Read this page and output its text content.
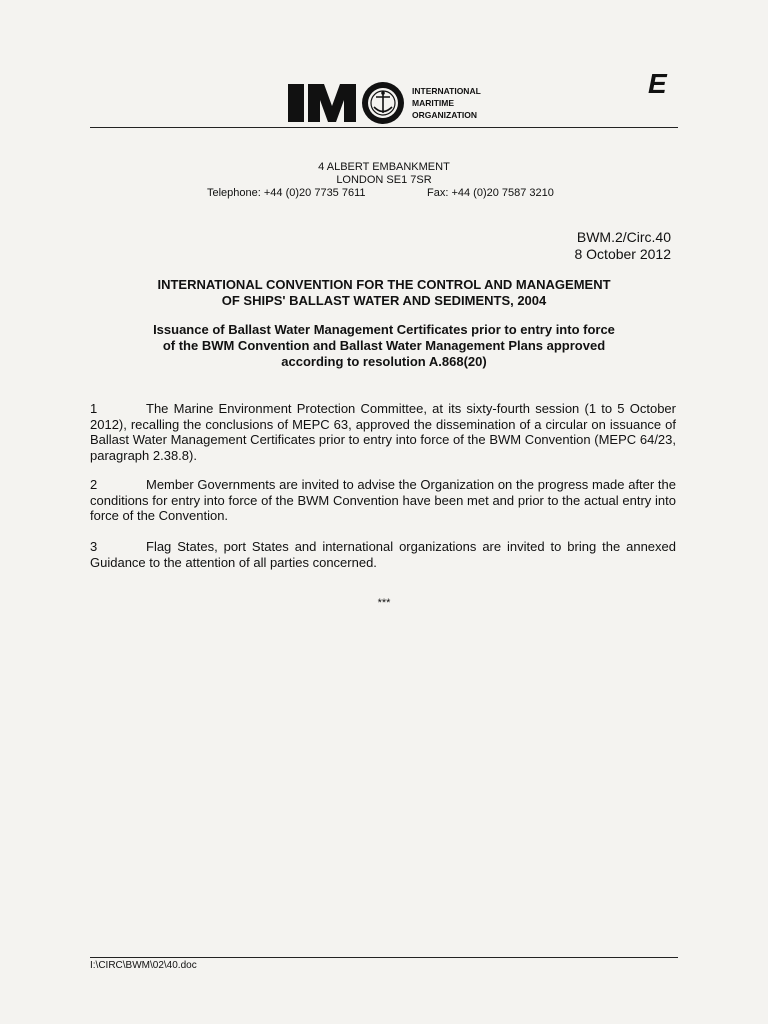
E
INTERNATIONAL
MARITIME
ORGANIZATION
4 ALBERT EMBANKMENT
LONDON SE1 7SR
Telephone: +44 (0)20 7735 7611	Fax: +44 (0)20 7587 3210
BWM.2/Circ.40
8 October 2012
INTERNATIONAL CONVENTION FOR THE CONTROL AND MANAGEMENT
OF SHIPS' BALLAST WATER AND SEDIMENTS, 2004
Issuance of Ballast Water Management Certificates prior to entry into force
of the BWM Convention and Ballast Water Management Plans approved
according to resolution A.868(20)
1	The Marine Environment Protection Committee, at its sixty-fourth session (1 to 5 October 2012), recalling the conclusions of MEPC 63, approved the dissemination of a circular on issuance of Ballast Water Management Certificates prior to entry into force of the BWM Convention (MEPC 64/23, paragraph 2.38.8).
2	Member Governments are invited to advise the Organization on the progress made after the conditions for entry into force of the BWM Convention have been met and prior to the actual entry into force of the Convention.
3	Flag States, port States and international organizations are invited to bring the annexed Guidance to the attention of all parties concerned.
***
I:\CIRC\BWM\02\40.doc
